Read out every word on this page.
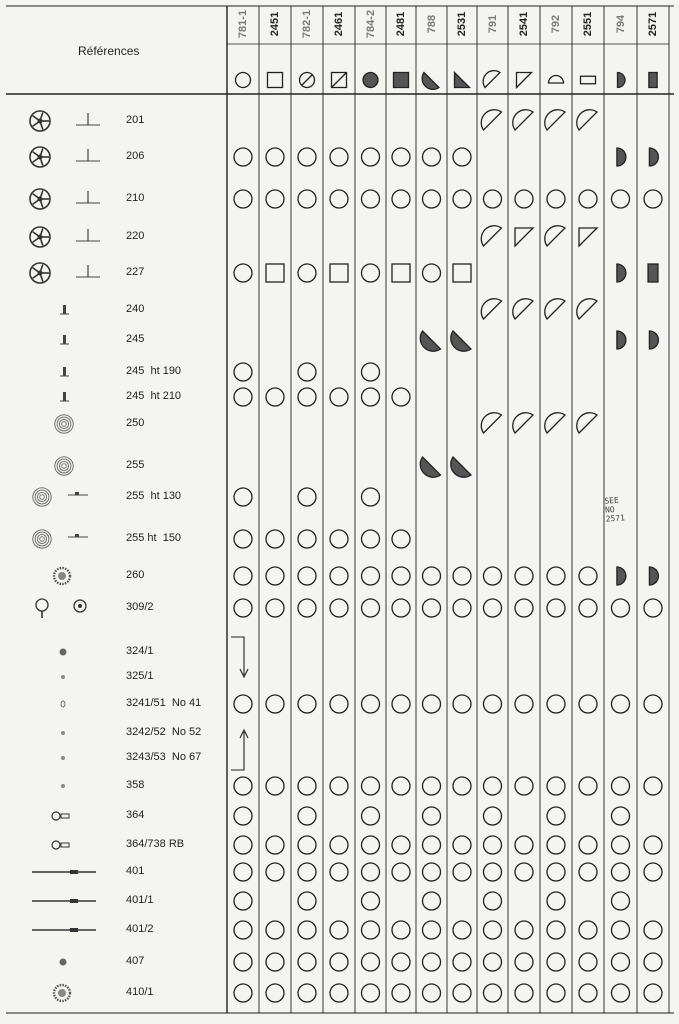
Références
781-1 2451 782-1 2461 784-2 2481 788 2531 791 2541 792 2551 794 2571
201
206
210
220
227
240
245
245  ht 190
245  ht 210
250
255
255  ht 130
255 ht  150
260
309/2
324/1
325/1
3241/51  No 41
3242/52  No 52
3243/53  No 67
358
364
364/738 RB
401
401/1
401/2
407
410/1
SEE
NO
2571
